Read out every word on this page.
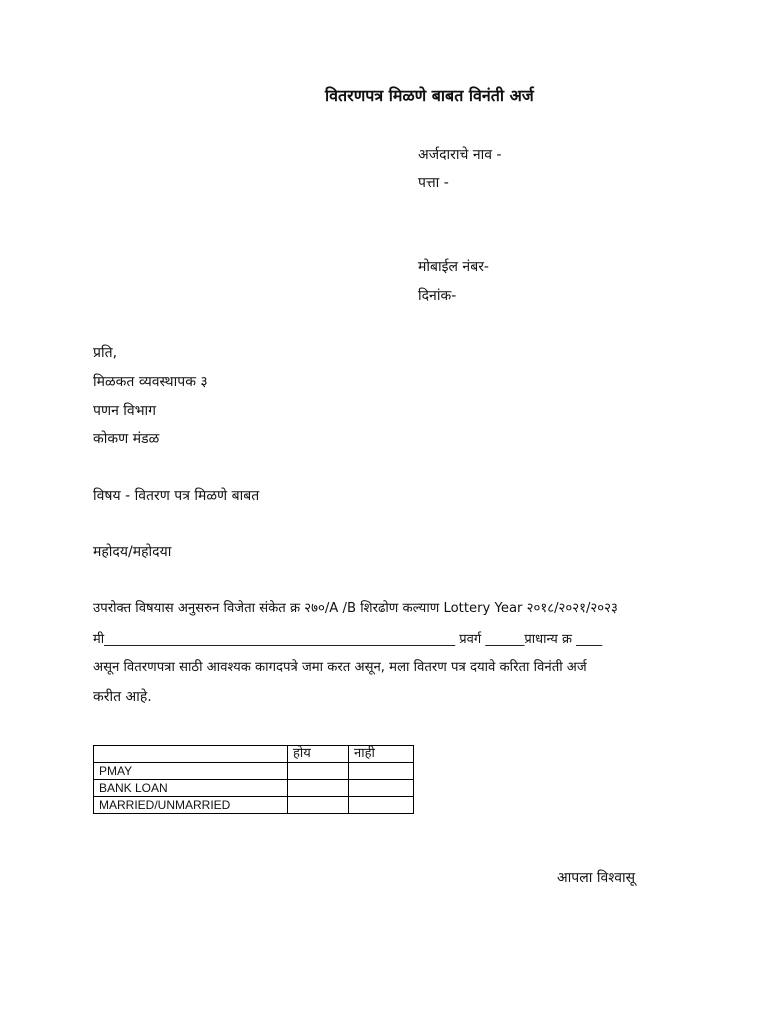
वितरणपत्र मिळणे बाबत विनंती अर्ज
अर्जदाराचे नाव -
पत्ता -
मोबाईल नंबर-
दिनांक-
प्रति,
मिळकत व्यवस्थापक ३
पणन विभाग
कोकण मंडळ
विषय - वितरण पत्र मिळणे बाबत
महोदय/महोदया
उपरोक्त विषयास अनुसरुन विजेता संकेत क्र २७०/A /B शिरढोण कल्याण Lottery Year २०१८/२०२१/२०२३
मी______________________________________________________ प्रवर्ग ______प्राधान्य क्र ____
असून वितरणपत्रा साठी आवश्यक कागदपत्रे जमा करत असून, मला वितरण पत्र दयावे करिता विनंती अर्ज
करीत आहे.
	होय	नाही
PMAY		
BANK LOAN		
MARRIED/UNMARRIED		
आपला विश्वासू
